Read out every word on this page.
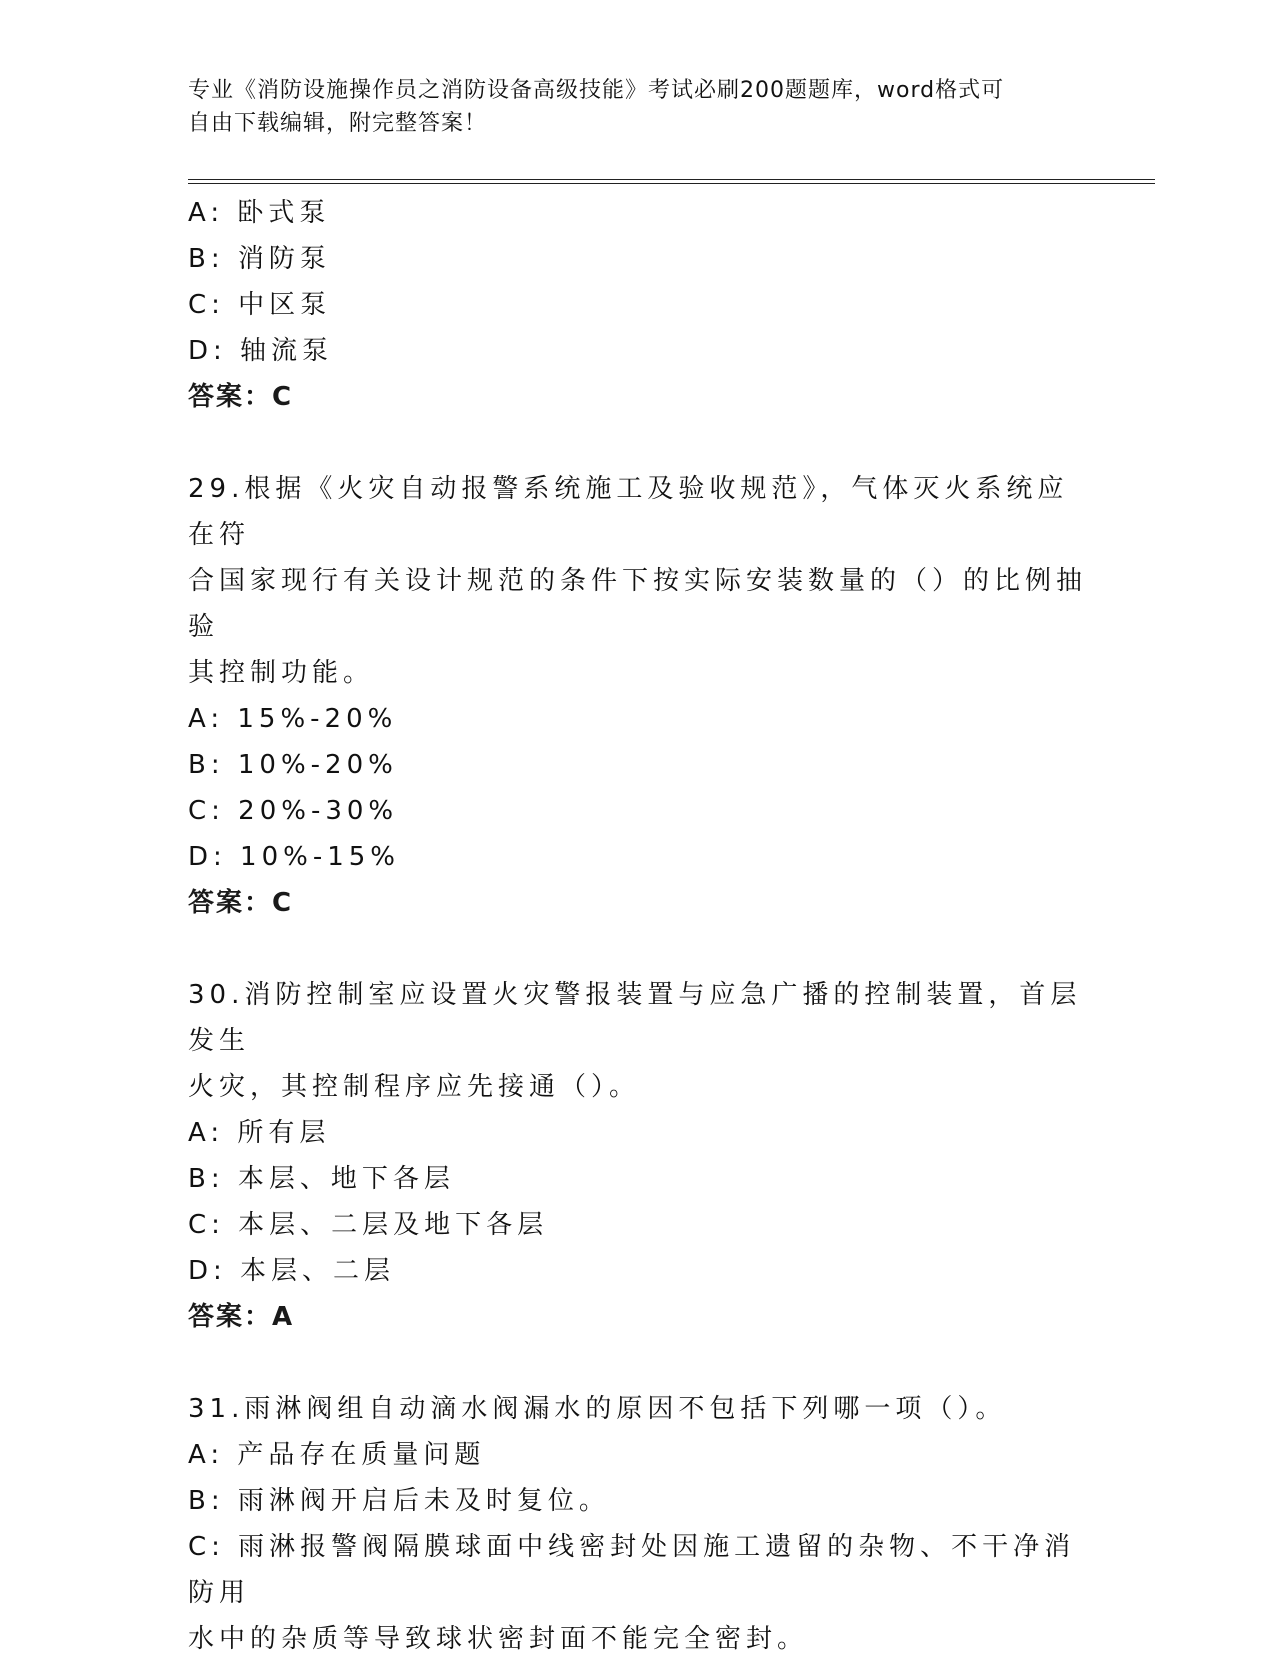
专业《消防设施操作员之消防设备高级技能》考试必刷200题题库，word格式可
自由下载编辑，附完整答案！
A: 卧式泵
B: 消防泵
C: 中区泵
D: 轴流泵
答案：C
29.根据《火灾自动报警系统施工及验收规范》，气体灭火系统应在符
合国家现行有关设计规范的条件下按实际安装数量的（）的比例抽验
其控制功能。
A: 15%-20%
B: 10%-20%
C: 20%-30%
D: 10%-15%
答案：C
30.消防控制室应设置火灾警报装置与应急广播的控制装置，首层发生
火灾，其控制程序应先接通（）。
A: 所有层
B: 本层、地下各层
C: 本层、二层及地下各层
D: 本层、二层
答案：A
31.雨淋阀组自动滴水阀漏水的原因不包括下列哪一项（）。
A: 产品存在质量问题
B: 雨淋阀开启后未及时复位。
C: 雨淋报警阀隔膜球面中线密封处因施工遗留的杂物、不干净消防用
水中的杂质等导致球状密封面不能完全密封。
